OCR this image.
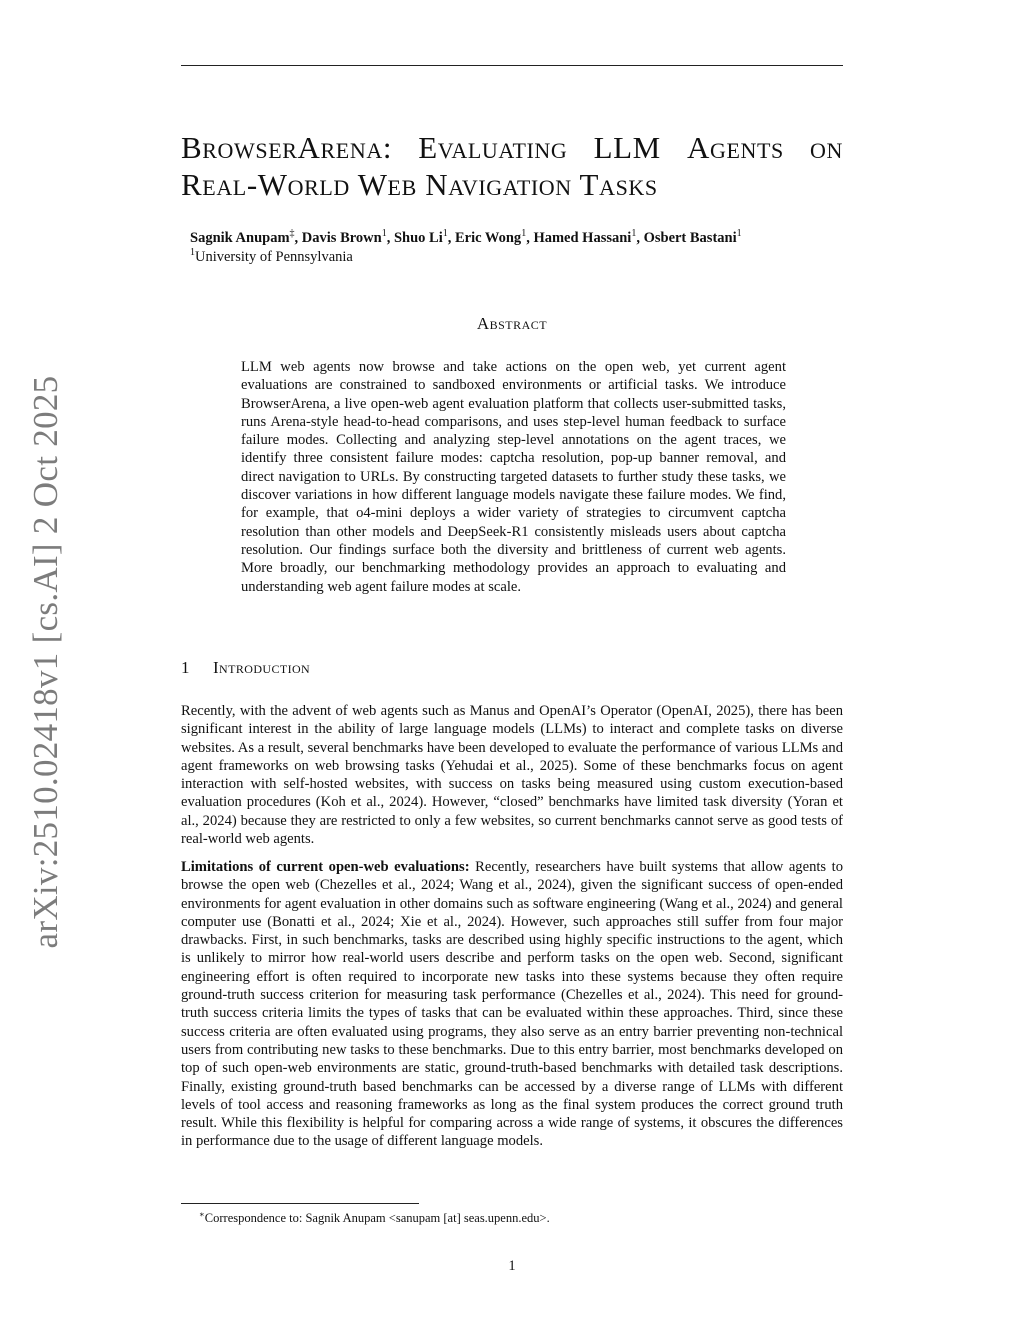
arXiv:2510.02418v1 [cs.AI] 2 Oct 2025
BrowserArena: Evaluating LLM Agents on
Real-World Web Navigation Tasks
Sagnik Anupam‡, Davis Brown$^1$, Shuo Li$^1$, Eric Wong$^1$, Hamed Hassani$^1$, Osbert Bastani$^1$
$^1$University of Pennsylvania
Abstract
LLM web agents now browse and take actions on the open web, yet current agent evaluations are constrained to sandboxed environments or artificial tasks. We introduce BrowserArena, a live open-web agent evaluation platform that collects user-submitted tasks, runs Arena-style head-to-head comparisons, and uses step-level human feedback to surface failure modes. Collecting and analyzing step-level annotations on the agent traces, we identify three consistent failure modes: captcha resolution, pop-up banner removal, and direct navigation to URLs. By constructing targeted datasets to further study these tasks, we discover variations in how different language models navigate these failure modes. We find, for example, that o4-mini deploys a wider variety of strategies to circumvent captcha resolution than other models and DeepSeek-R1 consistently misleads users about captcha resolution. Our findings surface both the diversity and brittleness of current web agents. More broadly, our benchmarking methodology provides an approach to evaluating and understanding web agent failure modes at scale.
1 Introduction
Recently, with the advent of web agents such as Manus and OpenAI’s Operator (OpenAI, 2025), there has been significant interest in the ability of large language models (LLMs) to interact and complete tasks on diverse websites. As a result, several benchmarks have been developed to evaluate the performance of various LLMs and agent frameworks on web browsing tasks (Yehudai et al., 2025). Some of these benchmarks focus on agent interaction with self-hosted websites, with success on tasks being measured using custom execution-based evaluation procedures (Koh et al., 2024). However, “closed” benchmarks have limited task diversity (Yoran et al., 2024) because they are restricted to only a few websites, so current benchmarks cannot serve as good tests of real-world web agents.
Limitations of current open-web evaluations: Recently, researchers have built systems that allow agents to browse the open web (Chezelles et al., 2024; Wang et al., 2024), given the significant success of open-ended environments for agent evaluation in other domains such as software engineering (Wang et al., 2024) and general computer use (Bonatti et al., 2024; Xie et al., 2024). However, such approaches still suffer from four major drawbacks. First, in such benchmarks, tasks are described using highly specific instructions to the agent, which is unlikely to mirror how real-world users describe and perform tasks on the open web. Second, significant engineering effort is often required to incorporate new tasks into these systems because they often require ground-truth success criterion for measuring task performance (Chezelles et al., 2024). This need for ground-truth success criteria limits the types of tasks that can be evaluated within these approaches. Third, since these success criteria are often evaluated using programs, they also serve as an entry barrier preventing non-technical users from contributing new tasks to these benchmarks. Due to this entry barrier, most benchmarks developed on top of such open-web environments are static, ground-truth-based benchmarks with detailed task descriptions. Finally, existing ground-truth based benchmarks can be accessed by a diverse range of LLMs with different levels of tool access and reasoning frameworks as long as the final system produces the correct ground truth result. While this flexibility is helpful for comparing across a wide range of systems, it obscures the differences in performance due to the usage of different language models.
∗Correspondence to: Sagnik Anupam <sanupam [at] seas.upenn.edu>.
1
